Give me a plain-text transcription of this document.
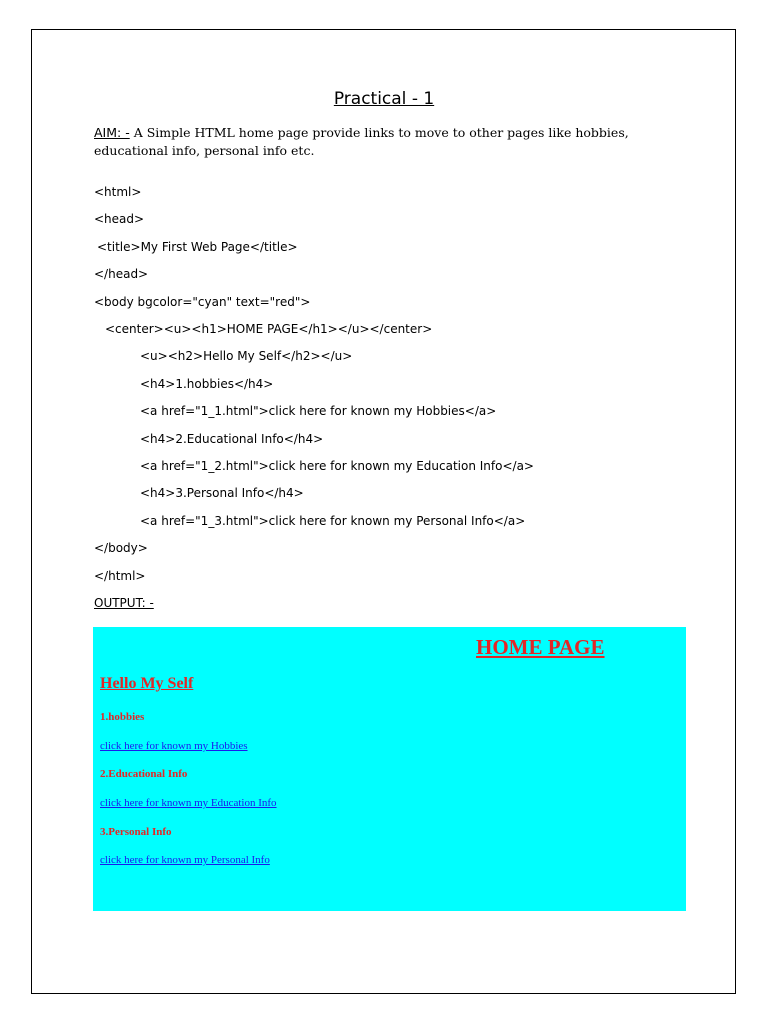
Practical - 1
AIM: - A Simple HTML home page provide links to move to other pages like hobbies, educational info, personal info etc.
<html>
<head>
<title>My First Web Page</title>
</head>
<body bgcolor="cyan" text="red">
<center><u><h1>HOME PAGE</h1></u></center>
<u><h2>Hello My Self</h2></u>
<h4>1.hobbies</h4>
<a href="1_1.html">click here for known my Hobbies</a>
<h4>2.Educational Info</h4>
<a href="1_2.html">click here for known my Education Info</a>
<h4>3.Personal Info</h4>
<a href="1_3.html">click here for known my Personal Info</a>
</body>
</html>
OUTPUT: -
HOME PAGE
Hello My Self
1.hobbies
click here for known my Hobbies
2.Educational Info
click here for known my Education Info
3.Personal Info
click here for known my Personal Info
